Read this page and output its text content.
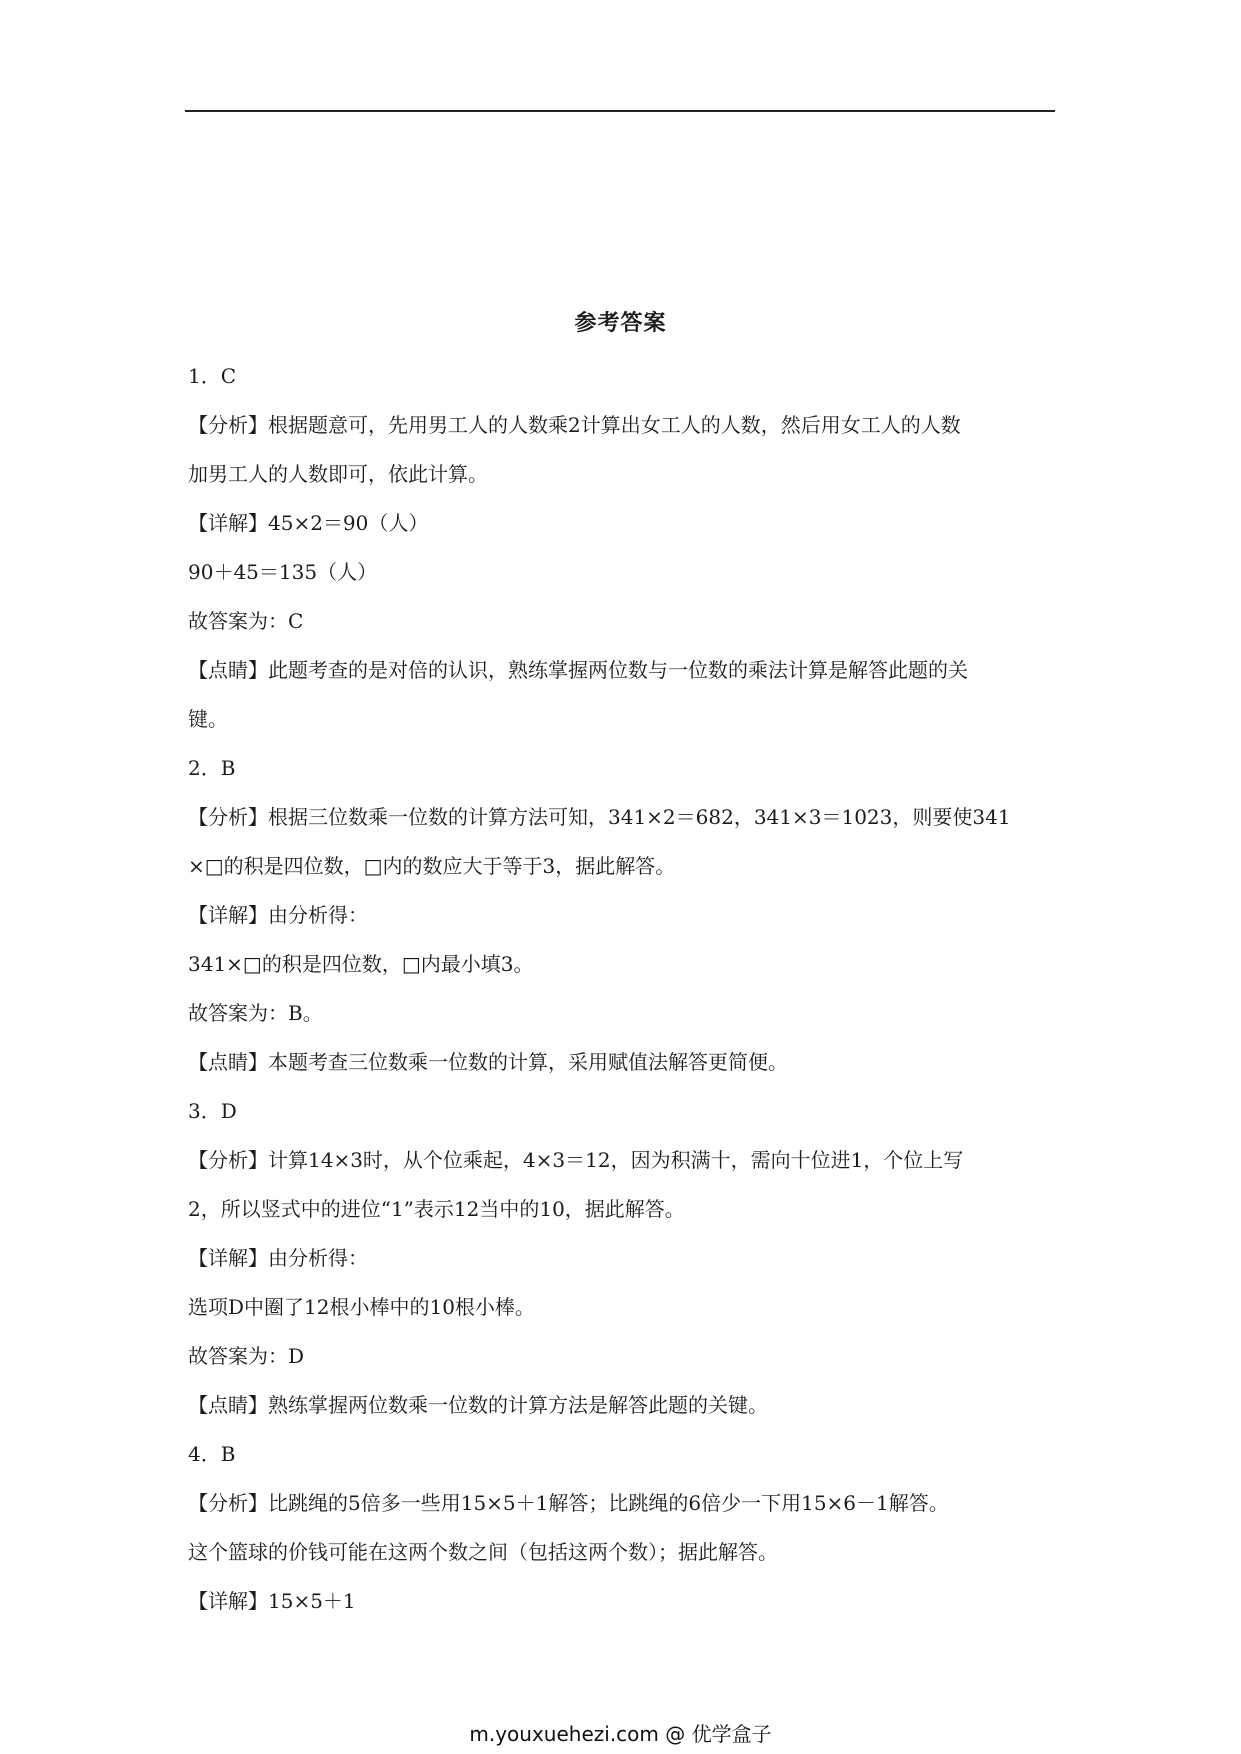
参考答案
1．C
【分析】根据题意可，先用男工人的人数乘2计算出女工人的人数，然后用女工人的人数
加男工人的人数即可，依此计算。
【详解】45×2＝90（人）
90＋45＝135（人）
故答案为：C
【点睛】此题考查的是对倍的认识，熟练掌握两位数与一位数的乘法计算是解答此题的关
键。
2．B
【分析】根据三位数乘一位数的计算方法可知，341×2＝682，341×3＝1023，则要使341
×□的积是四位数，□内的数应大于等于3，据此解答。
【详解】由分析得：
341×□的积是四位数，□内最小填3。
故答案为：B。
【点睛】本题考查三位数乘一位数的计算，采用赋值法解答更简便。
3．D
【分析】计算14×3时，从个位乘起，4×3＝12，因为积满十，需向十位进1，个位上写
2，所以竖式中的进位“1”表示12当中的10，据此解答。
【详解】由分析得：
选项D中圈了12根小棒中的10根小棒。
故答案为：D
【点睛】熟练掌握两位数乘一位数的计算方法是解答此题的关键。
4．B
【分析】比跳绳的5倍多一些用15×5＋1解答；比跳绳的6倍少一下用15×6－1解答。
这个篮球的价钱可能在这两个数之间（包括这两个数）；据此解答。
【详解】15×5＋1
m.youxuehezi.com @ 优学盒子
